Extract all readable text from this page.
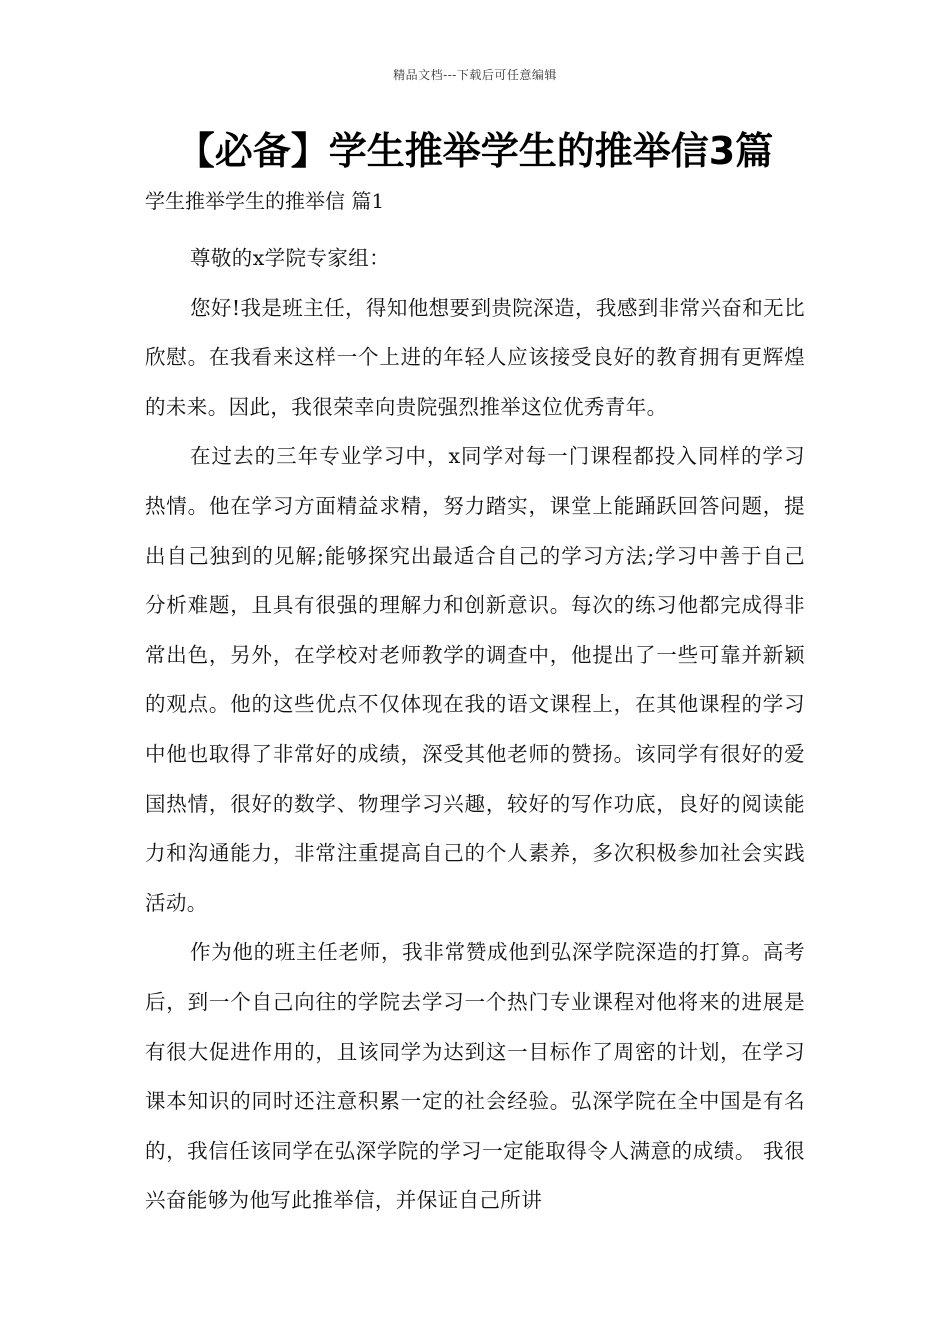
精品文档---下载后可任意编辑
【必备】学生推举学生的推举信3篇

学生推举学生的推举信 篇1

尊敬的x学院专家组：

您好!我是班主任，得知他想要到贵院深造，我感到非常兴奋和无比欣慰。在我看来这样一个上进的年轻人应该接受良好的教育拥有更辉煌的未来。因此，我很荣幸向贵院强烈推举这位优秀青年。

在过去的三年专业学习中，x同学对每一门课程都投入同样的学习热情。他在学习方面精益求精，努力踏实，课堂上能踊跃回答问题，提出自己独到的见解;能够探究出最适合自己的学习方法;学习中善于自己分析难题，且具有很强的理解力和创新意识。每次的练习他都完成得非常出色，另外，在学校对老师教学的调查中，他提出了一些可靠并新颖的观点。他的这些优点不仅体现在我的语文课程上，在其他课程的学习中他也取得了非常好的成绩，深受其他老师的赞扬。该同学有很好的爱国热情，很好的数学、物理学习兴趣，较好的写作功底，良好的阅读能力和沟通能力，非常注重提高自己的个人素养，多次积极参加社会实践活动。

作为他的班主任老师，我非常赞成他到弘深学院深造的打算。高考后，到一个自己向往的学院去学习一个热门专业课程对他将来的进展是有很大促进作用的，且该同学为达到这一目标作了周密的计划，在学习课本知识的同时还注意积累一定的社会经验。弘深学院在全中国是有名的，我信任该同学在弘深学院的学习一定能取得令人满意的成绩。 我很兴奋能够为他写此推举信，并保证自己所讲
